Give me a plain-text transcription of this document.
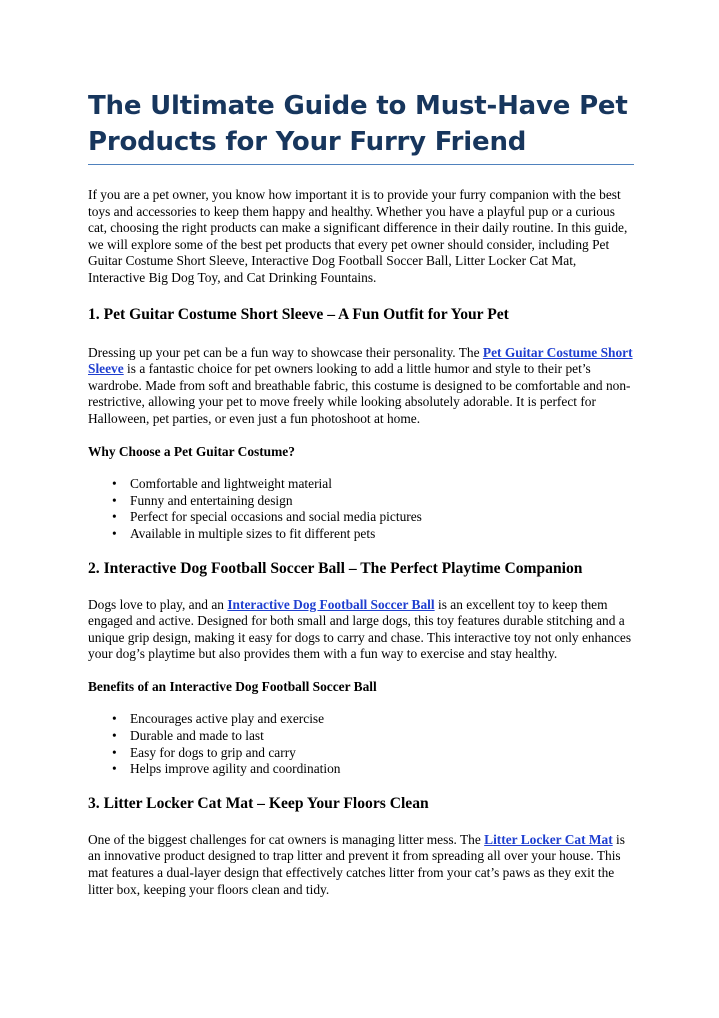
The Ultimate Guide to Must-Have Pet Products for Your Furry Friend

If you are a pet owner, you know how important it is to provide your furry companion with the best toys and accessories to keep them happy and healthy. Whether you have a playful pup or a curious cat, choosing the right products can make a significant difference in their daily routine. In this guide, we will explore some of the best pet products that every pet owner should consider, including Pet Guitar Costume Short Sleeve, Interactive Dog Football Soccer Ball, Litter Locker Cat Mat, Interactive Big Dog Toy, and Cat Drinking Fountains.

1. Pet Guitar Costume Short Sleeve – A Fun Outfit for Your Pet

Dressing up your pet can be a fun way to showcase their personality. The Pet Guitar Costume Short Sleeve is a fantastic choice for pet owners looking to add a little humor and style to their pet’s wardrobe. Made from soft and breathable fabric, this costume is designed to be comfortable and non-restrictive, allowing your pet to move freely while looking absolutely adorable. It is perfect for Halloween, pet parties, or even just a fun photoshoot at home.

Why Choose a Pet Guitar Costume?

• Comfortable and lightweight material
• Funny and entertaining design
• Perfect for special occasions and social media pictures
• Available in multiple sizes to fit different pets
2. Interactive Dog Football Soccer Ball – The Perfect Playtime Companion

Dogs love to play, and an Interactive Dog Football Soccer Ball is an excellent toy to keep them engaged and active. Designed for both small and large dogs, this toy features durable stitching and a unique grip design, making it easy for dogs to carry and chase. This interactive toy not only enhances your dog’s playtime but also provides them with a fun way to exercise and stay healthy.

Benefits of an Interactive Dog Football Soccer Ball

• Encourages active play and exercise
• Durable and made to last
• Easy for dogs to grip and carry
• Helps improve agility and coordination
3. Litter Locker Cat Mat – Keep Your Floors Clean

One of the biggest challenges for cat owners is managing litter mess. The Litter Locker Cat Mat is an innovative product designed to trap litter and prevent it from spreading all over your house. This mat features a dual-layer design that effectively catches litter from your cat’s paws as they exit the litter box, keeping your floors clean and tidy.
